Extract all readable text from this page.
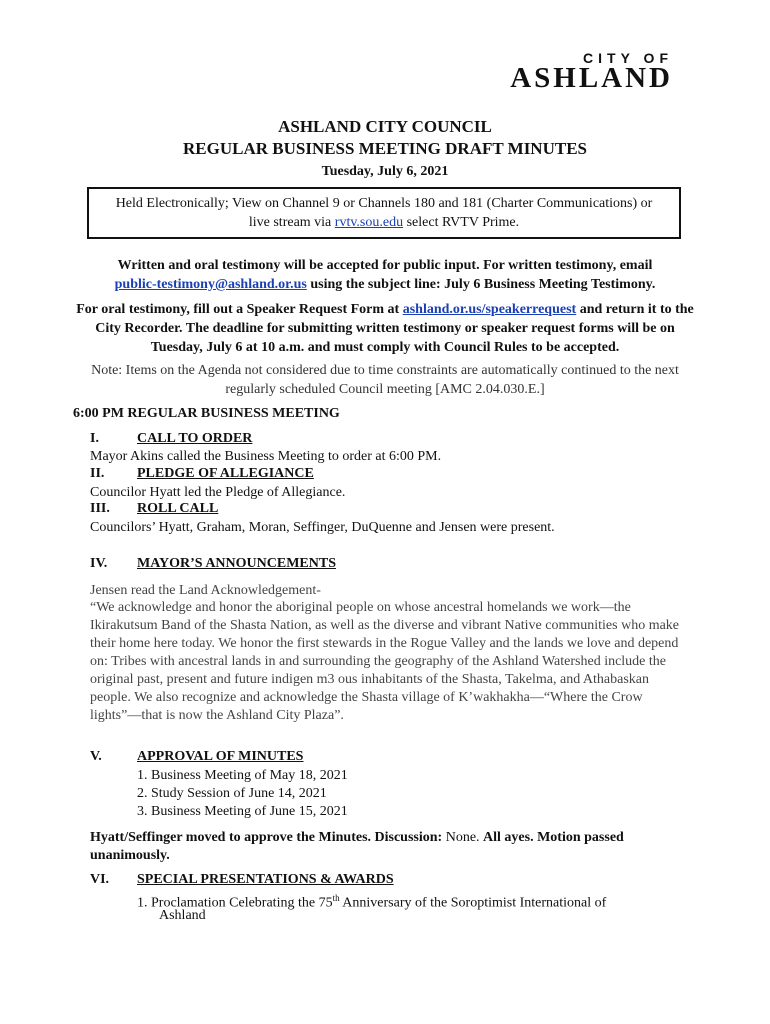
CITY OF
ASHLAND
ASHLAND CITY COUNCIL
REGULAR BUSINESS MEETING DRAFT MINUTES
Tuesday, July 6, 2021
Held Electronically; View on Channel 9 or Channels 180 and 181 (Charter Communications) or
live stream via rvtv.sou.edu select RVTV Prime.
Written and oral testimony will be accepted for public input. For written testimony, email
public-testimony@ashland.or.us using the subject line: July 6 Business Meeting Testimony.
For oral testimony, fill out a Speaker Request Form at ashland.or.us/speakerrequest and return it to the City Recorder. The deadline for submitting written testimony or speaker request forms will be on Tuesday, July 6 at 10 a.m. and must comply with Council Rules to be accepted.
Note: Items on the Agenda not considered due to time constraints are automatically continued to the next regularly scheduled Council meeting [AMC 2.04.030.E.]
6:00 PM REGULAR BUSINESS MEETING
I.	CALL TO ORDER
Mayor Akins called the Business Meeting to order at 6:00 PM.
II. PLEDGE OF ALLEGIANCE
Councilor Hyatt led the Pledge of Allegiance.
III. ROLL CALL
Councilors’ Hyatt, Graham, Moran, Seffinger, DuQuenne and Jensen were present.
IV. MAYOR’S ANNOUNCEMENTS
Jensen read the Land Acknowledgement-
“We acknowledge and honor the aboriginal people on whose ancestral homelands we work—the Ikirakutsum Band of the Shasta Nation, as well as the diverse and vibrant Native communities who make their home here today. We honor the first stewards in the Rogue Valley and the lands we love and depend on: Tribes with ancestral lands in and surrounding the geography of the Ashland Watershed include the original past, present and future indigen m3 ous inhabitants of the Shasta, Takelma, and Athabaskan people. We also recognize and acknowledge the Shasta village of K’wakhakha—“Where the Crow lights”—that is now the Ashland City Plaza”.
V.	APPROVAL OF MINUTES
1. Business Meeting of May 18, 2021
2. Study Session of June 14, 2021
3. Business Meeting of June 15, 2021
Hyatt/Seffinger moved to approve the Minutes. Discussion: None. All ayes. Motion passed unanimously.
VI. SPECIAL PRESENTATIONS & AWARDS
1. Proclamation Celebrating the 75th Anniversary of the Soroptimist International of
Ashland
